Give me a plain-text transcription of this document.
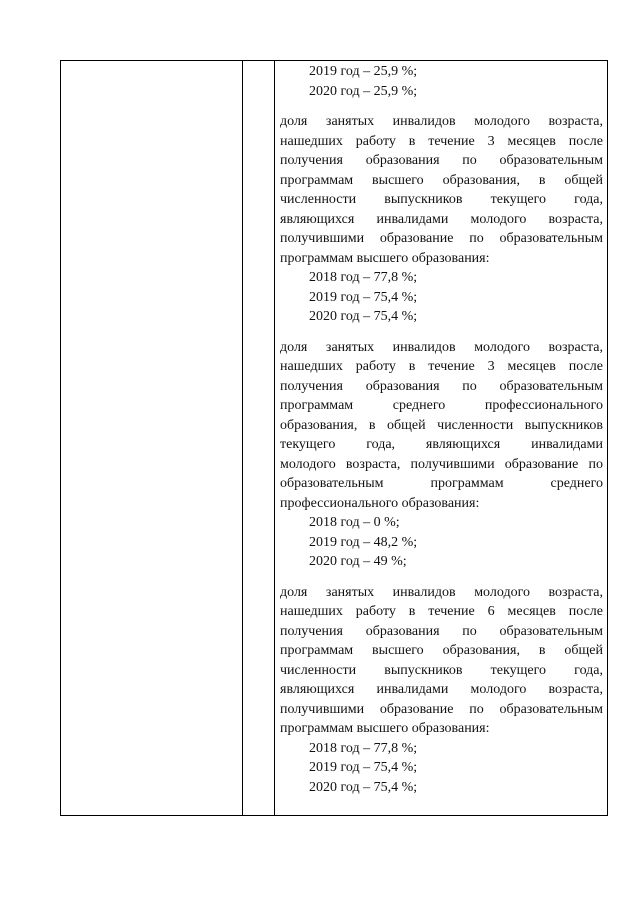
2019 год – 25,9 %;

2020 год – 25,9 %;

доля занятых инвалидов молодого возраста,

нашедших работу в течение 3 месяцев после

получения образования по образовательным

программам высшего образования, в общей

численности выпускников текущего года,

являющихся инвалидами молодого возраста,

получившими образование по образовательным

программам высшего образования:

2018 год – 77,8 %;

2019 год – 75,4 %;

2020 год – 75,4 %;

доля занятых инвалидов молодого возраста,

нашедших работу в течение 3 месяцев после

получения образования по образовательным

программам среднего профессионального

образования, в общей численности выпускников

текущего года, являющихся инвалидами

молодого возраста, получившими образование по

образовательным программам среднего

профессионального образования:

2018 год – 0 %;

2019 год – 48,2 %;

2020 год – 49 %;

доля занятых инвалидов молодого возраста,

нашедших работу в течение 6 месяцев после

получения образования по образовательным

программам высшего образования, в общей

численности выпускников текущего года,

являющихся инвалидами молодого возраста,

получившими образование по образовательным

программам высшего образования:

2018 год – 77,8 %;

2019 год – 75,4 %;

2020 год – 75,4 %;
